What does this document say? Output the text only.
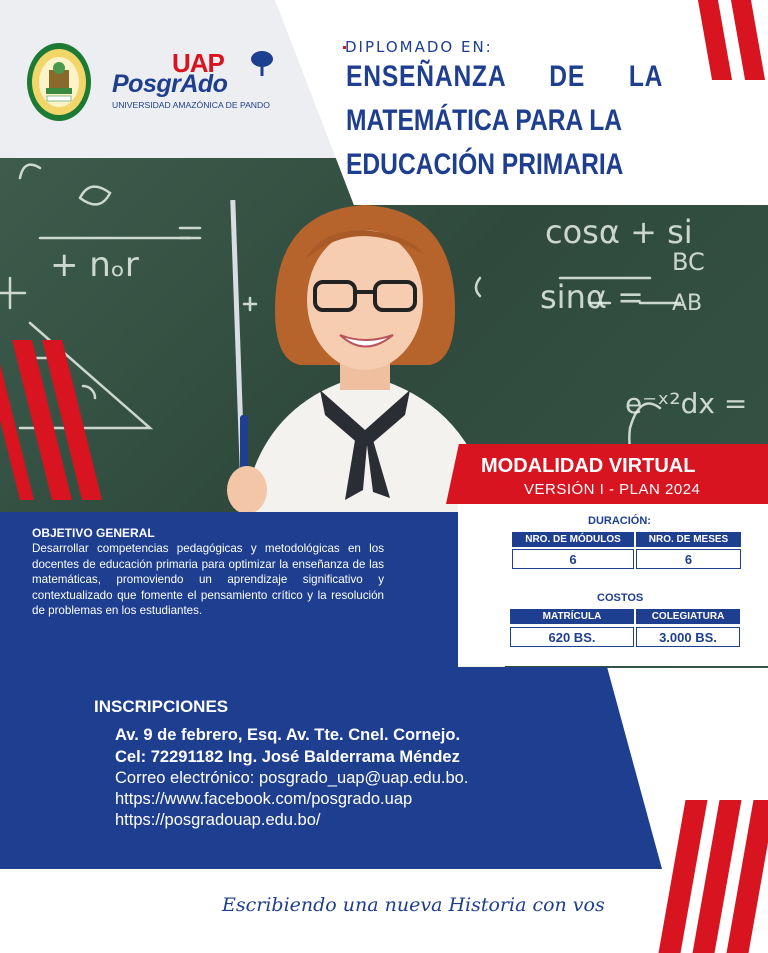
+ nₒr
cosα + si
BC
AB
sinα =
e⁻ˣ²dx =
UAP
PosgrAdo
UNIVERSIDAD AMAZÓNICA DE PANDO
DIPLOMADO EN:
ENSEÑANZA DE LA
MATEMÁTICA PARA LA
EDUCACIÓN PRIMARIA
MODALIDAD VIRTUAL
VERSIÓN I - PLAN 2024
DURACIÓN:
NRO. DE MÓDULOS	NRO. DE MESES
6	6
COSTOS
MATRÍCULA	COLEGIATURA
620 BS.	3.000 BS.
OBJETIVO GENERAL
Desarrollar competencias pedagógicas y metodológicas en los docentes de educación primaria para optimizar la enseñanza de las matemáticas, promoviendo un aprendizaje significativo y contextualizado que fomente el pensamiento crítico y la resolución de problemas en los estudiantes.
INSCRIPCIONES
Av. 9 de febrero, Esq. Av. Tte. Cnel. Cornejo.
Cel: 72291182 Ing. José Balderrama Méndez
Correo electrónico: posgrado_uap@uap.edu.bo.
https://www.facebook.com/posgrado.uap
https://posgradouap.edu.bo/
Escribiendo una nueva Historia con vos
